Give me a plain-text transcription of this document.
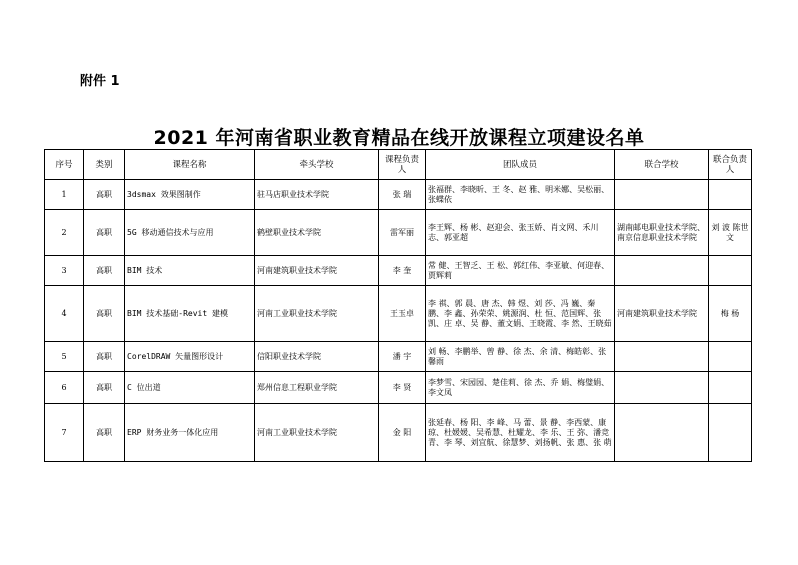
附件 1
2021 年河南省职业教育精品在线开放课程立项建设名单
序号	类别	课程名称	牵头学校	课程负责人	团队成员	联合学校	联合负责人
1	高职	3dsmax 效果图制作	驻马店职业技术学院	张 瑞	张福群、李晓昕、王 冬、赵 雅、明米娜、吴松丽、张蝶依		
2	高职	5G 移动通信技术与应用	鹤壁职业技术学院	雷军丽	李王辉、杨 彬、赵迎会、张玉娇、肖文网、禾川志、郭亚超	湖南邮电职业技术学院、南京信息职业技术学院	刘 波 陈世文
3	高职	BIM 技术	河南建筑职业技术学院	李 奎	常 健、王智乏、王 松、郭红伟、李亚敏、何迎春、贾辉莉		
4	高职	BIM 技术基础-Revit 建模	河南工业职业技术学院	王玉卓	李 祺、郭 晨、唐 杰、韩 煜、刘 莎、冯 巍、秦 鹏、李 鑫、孙荣荣、姚源润、杜 恒、范国辉、张 凯、庄 卓、吴 静、董文娟、王晓霞、李 然、王晓茹	河南建筑职业技术学院	梅 杨
5	高职	CorelDRAW 矢量图形设计	信阳职业技术学院	潘 宇	刘 畅、李鹏举、曾 静、徐 杰、余 清、梅皓彰、张馨雨		
6	高职	C 位出道	郑州信息工程职业学院	李 贤	李梦雪、宋园园、楚佳莉、徐 杰、乔 娟、梅璧娟、李文凤		
7	高职	ERP 财务业务一体化应用	河南工业职业技术学院	金 阳	张延春、杨 阳、李 峰、马 蕾、景 静、李西蒙、康 琼、杜媛媛、吴希慧、杜耀龙、李 乐、王 弥、潘竞青、李 琴、刘宜航、徐慧梦、刘扬帆、张 惠、张 萌		
